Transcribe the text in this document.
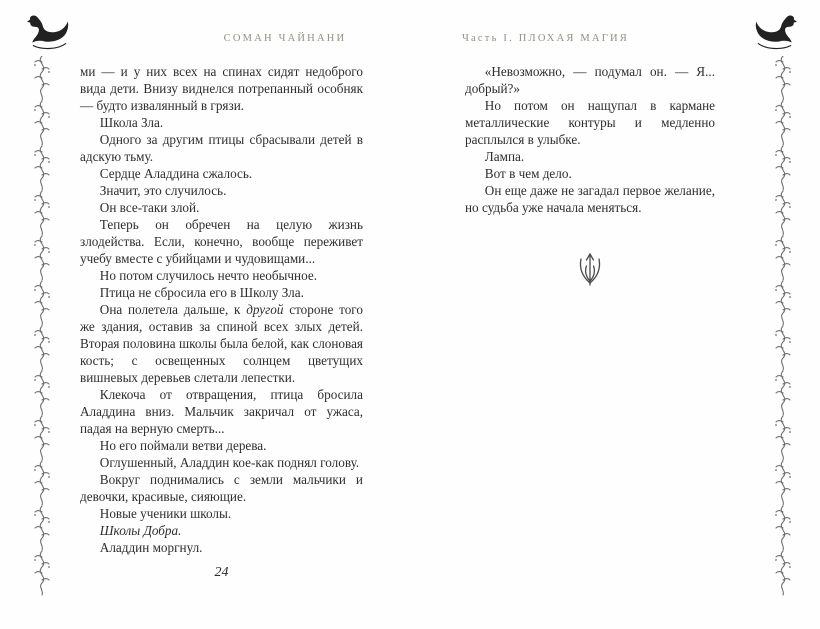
СОМАН ЧАЙНАНИ	Часть I. ПЛОХАЯ МАГИЯ

ми — и у них всех на спинах сидят недоброго вида дети. Внизу виднелся потрепанный особняк — будто извалянный в грязи.

Школа Зла.

Одного за другим птицы сбрасывали детей в адскую тьму.

Сердце Аладдина сжалось.

Значит, это случилось.

Он все-таки злой.

Теперь он обречен на целую жизнь злодейства. Если, конечно, вообще переживет учебу вместе с убийцами и чудовищами...

Но потом случилось нечто необычное.

Птица не сбросила его в Школу Зла.

Она полетела дальше, к другой стороне того же здания, оставив за спиной всех злых детей. Вторая половина школы была белой, как слоновая кость; с освещенных солнцем цветущих вишневых деревьев слетали лепестки.

Клекоча от отвращения, птица бросила Аладдина вниз. Мальчик закричал от ужаса, падая на верную смерть...

Но его поймали ветви дерева.

Оглушенный, Аладдин кое-как поднял голову.

Вокруг поднимались с земли мальчики и девочки, красивые, сияющие.

Новые ученики школы.

Школы Добра.

Аладдин моргнул.

«Невозможно, — подумал он. — Я... добрый?»

Но потом он нащупал в кармане металлические контуры и медленно расплылся в улыбке.

Лампа.

Вот в чем дело.

Он еще даже не загадал первое желание, но судьба уже начала меняться.

24
